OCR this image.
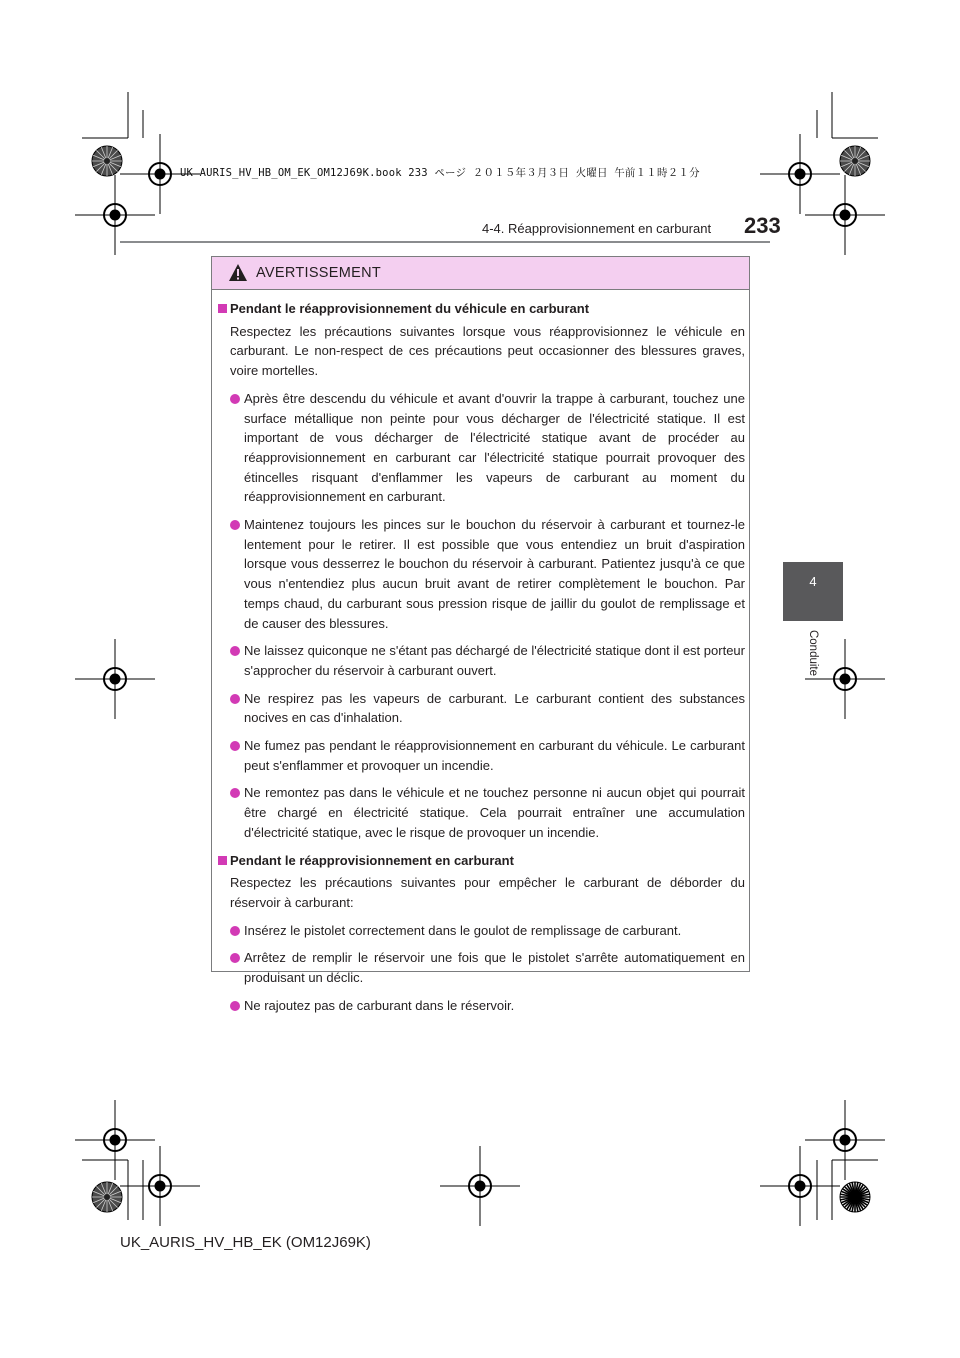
UK AURIS_HV_HB_OM_EK_OM12J69K.book 233 ページ ２０１５年３月３日 火曜日 午前１１時２１分
4-4. Réapprovisionnement en carburant 233
4
Conduite
AVERTISSEMENT
Pendant le réapprovisionnement du véhicule en carburant
Respectez les précautions suivantes lorsque vous réapprovisionnez le véhicule en carburant. Le non-respect de ces précautions peut occasionner des blessures graves, voire mortelles.
Après être descendu du véhicule et avant d'ouvrir la trappe à carburant, touchez une surface métallique non peinte pour vous décharger de l'électricité statique. Il est important de vous décharger de l'électricité statique avant de procéder au réapprovisionnement en carburant car l'électricité statique pourrait provoquer des étincelles risquant d'enflammer les vapeurs de carburant au moment du réapprovisionnement en carburant.
Maintenez toujours les pinces sur le bouchon du réservoir à carburant et tournez-le lentement pour le retirer. Il est possible que vous entendiez un bruit d'aspiration lorsque vous desserrez le bouchon du réservoir à carburant. Patientez jusqu'à ce que vous n'entendiez plus aucun bruit avant de retirer complètement le bouchon. Par temps chaud, du carburant sous pression risque de jaillir du goulot de remplissage et de causer des blessures.
Ne laissez quiconque ne s'étant pas déchargé de l'électricité statique dont il est porteur s'approcher du réservoir à carburant ouvert.
Ne respirez pas les vapeurs de carburant. Le carburant contient des substances nocives en cas d'inhalation.
Ne fumez pas pendant le réapprovisionnement en carburant du véhicule. Le carburant peut s'enflammer et provoquer un incendie.
Ne remontez pas dans le véhicule et ne touchez personne ni aucun objet qui pourrait être chargé en électricité statique. Cela pourrait entraîner une accumulation d'électricité statique, avec le risque de provoquer un incendie.
Pendant le réapprovisionnement en carburant
Respectez les précautions suivantes pour empêcher le carburant de déborder du réservoir à carburant:
Insérez le pistolet correctement dans le goulot de remplissage de carburant.
Arrêtez de remplir le réservoir une fois que le pistolet s'arrête automatiquement en produisant un déclic.
Ne rajoutez pas de carburant dans le réservoir.
UK_AURIS_HV_HB_EK (OM12J69K)
